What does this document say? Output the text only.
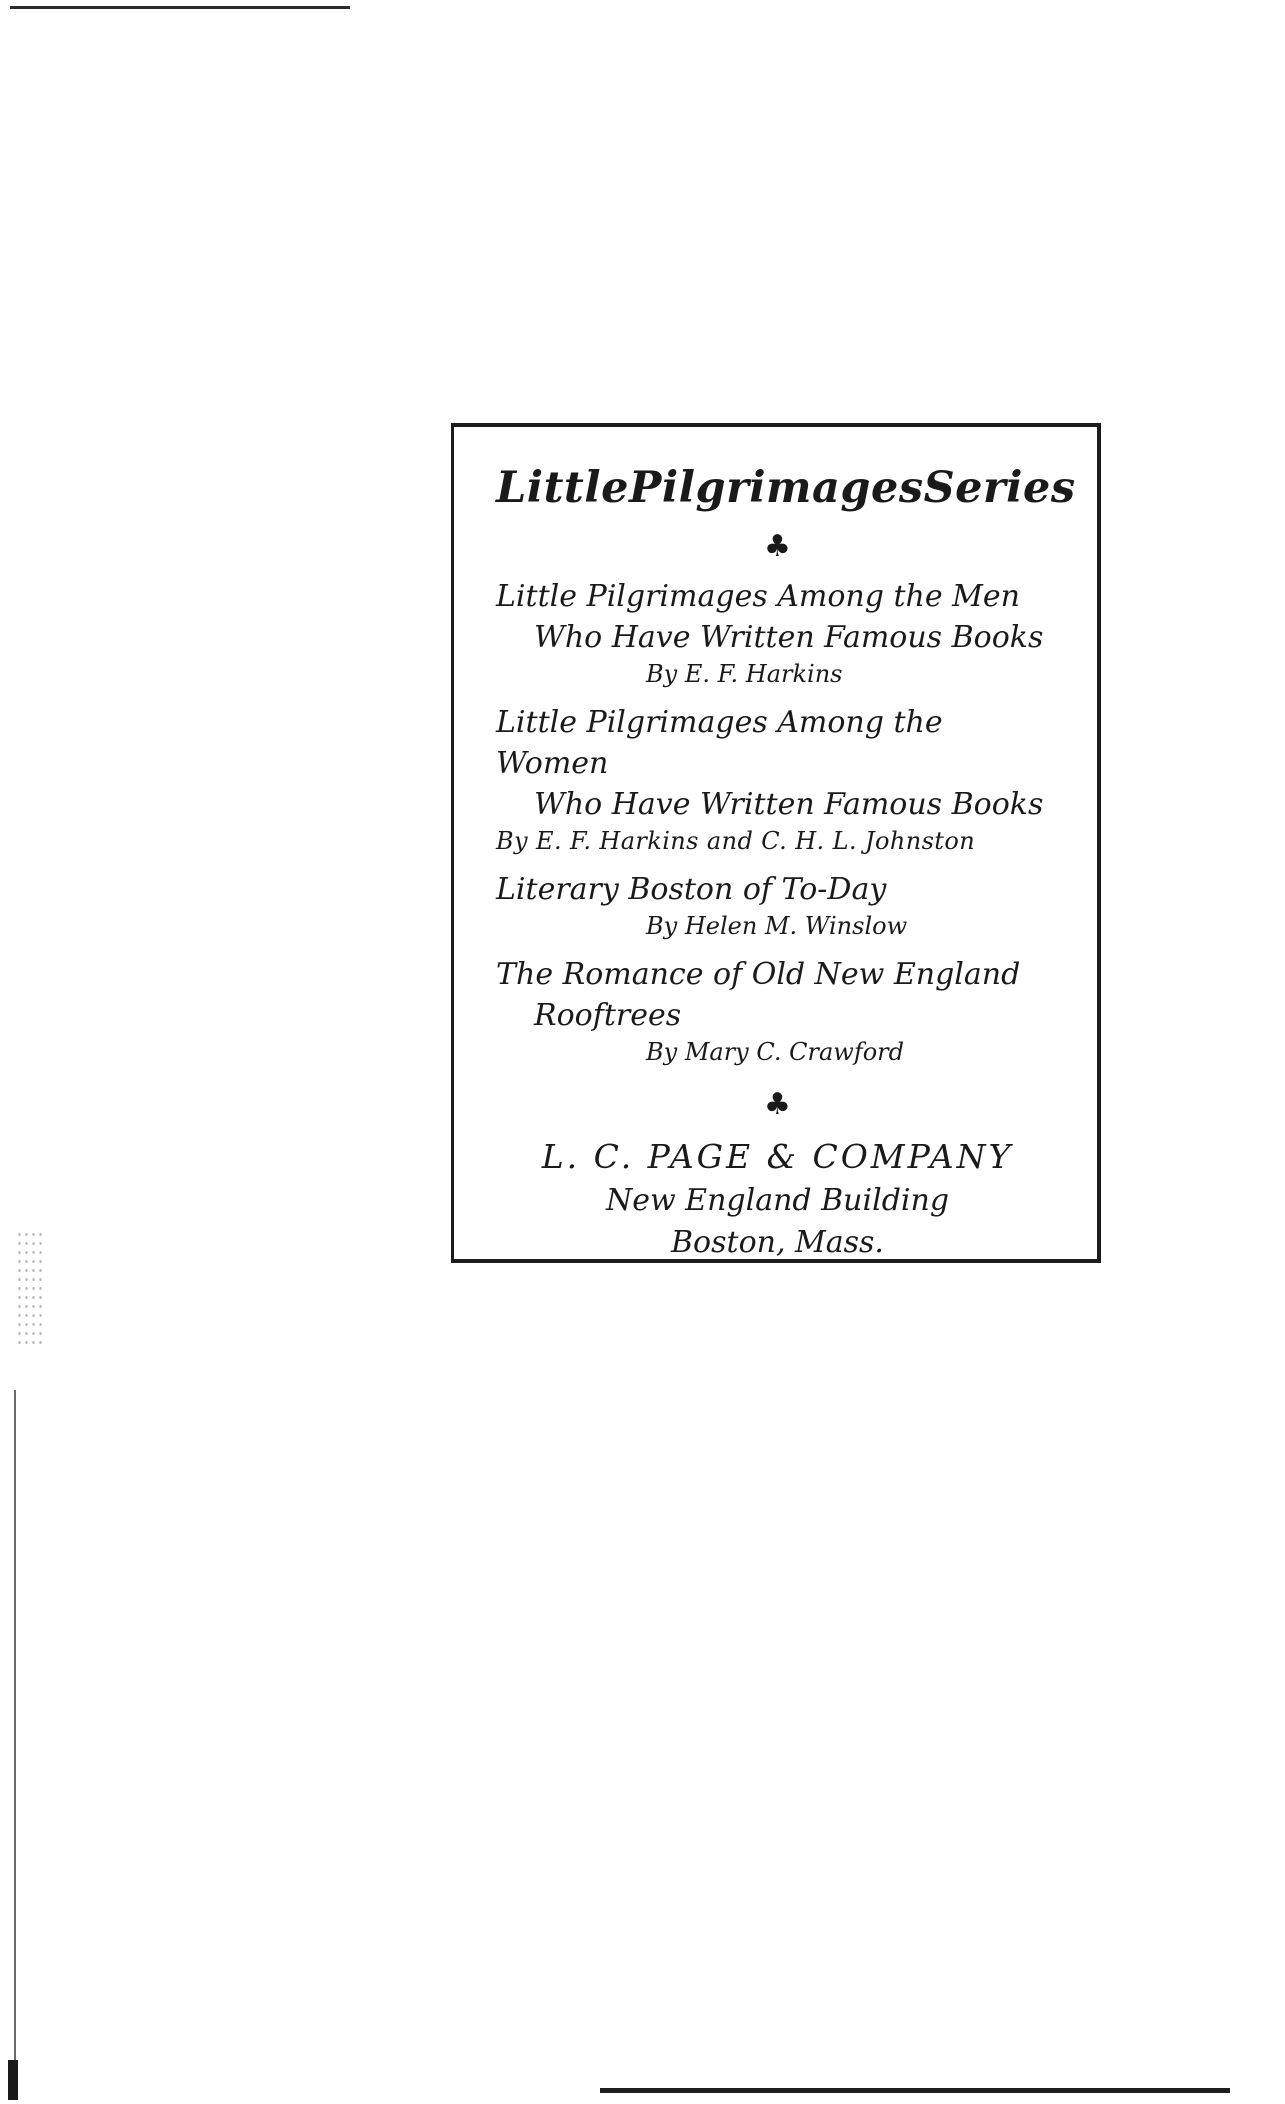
Little Pilgrimages Series
♣

Little Pilgrimages Among the Men
Who Have Written Famous Books

By E. F. Harkins

Little Pilgrimages Among the Women
Who Have Written Famous Books

By E. F. Harkins and C. H. L. Johnston

Literary Boston of To-Day

By Helen M. Winslow

The Romance of Old New England
Rooftrees

By Mary C. Crawford

♣
L. C. PAGE & COMPANY
New England Building
Boston, Mass.
